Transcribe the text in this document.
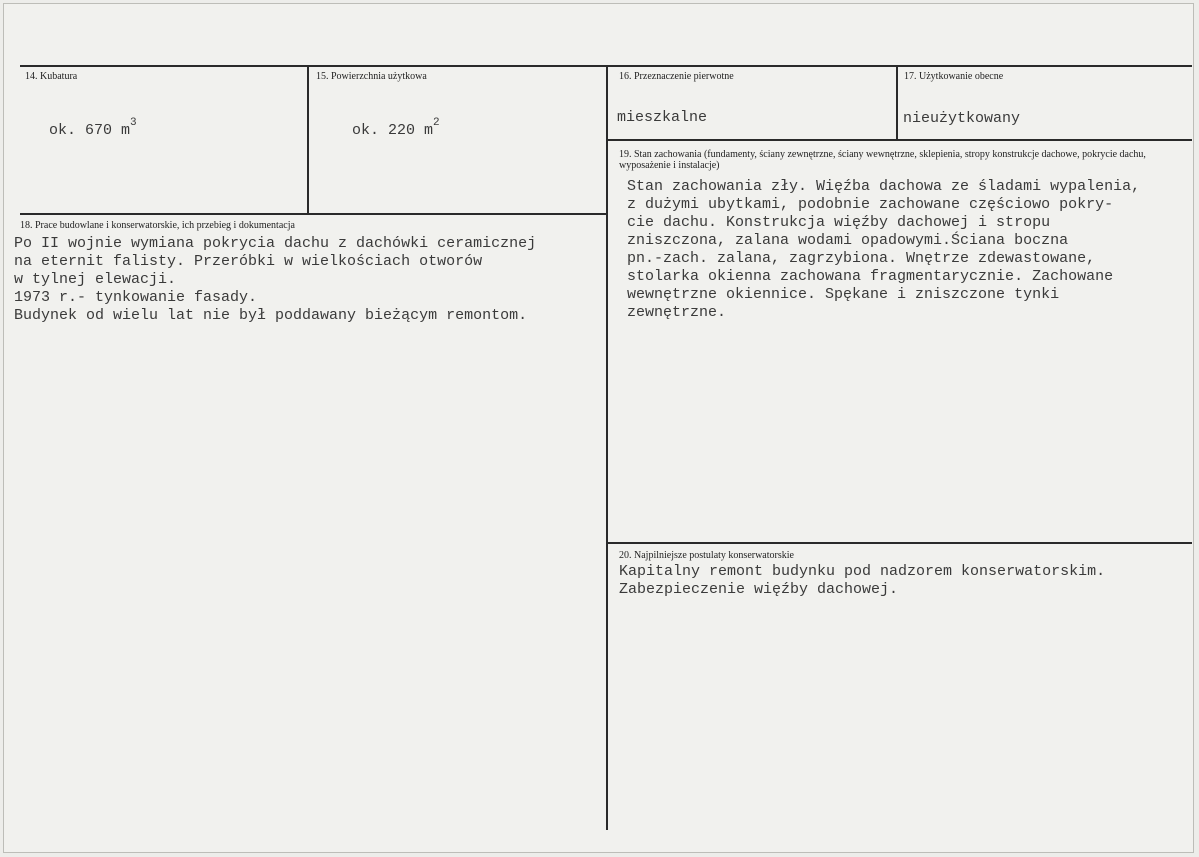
14. Kubatura
ok. 670 $m^3$
15. Powierzchnia użytkowa
ok. 220 $m^2$
16. Przeznaczenie pierwotne
mieszkalne
17. Użytkowanie obecne
nieużytkowany
18. Prace budowlane i konserwatorskie, ich przebieg i dokumentacja
Po II wojnie wymiana pokrycia dachu z dachówki ceramicznej
na eternit falisty. Przeróbki w wielkościach otworów
w tylnej elewacji.
1973 r.- tynkowanie fasady.
Budynek od wielu lat nie był poddawany bieżącym remontom.
19. Stan zachowania (fundamenty, ściany zewnętrzne, ściany wewnętrzne, sklepienia, stropy konstrukcje dachowe, pokrycie dachu, wyposażenie i instalacje)
Stan zachowania zły. Więźba dachowa ze śladami wypalenia,
z dużymi ubytkami, podobnie zachowane częściowo pokry-
cie dachu. Konstrukcja więźby dachowej i stropu
zniszczona, zalana wodami opadowymi.Ściana boczna
pn.-zach. zalana, zagrzybiona. Wnętrze zdewastowane,
stolarka okienna zachowana fragmentarycznie. Zachowane
wewnętrzne okiennice. Spękane i zniszczone tynki
zewnętrzne.
20. Najpilniejsze postulaty konserwatorskie
Kapitalny remont budynku pod nadzorem konserwatorskim.
Zabezpieczenie więźby dachowej.
